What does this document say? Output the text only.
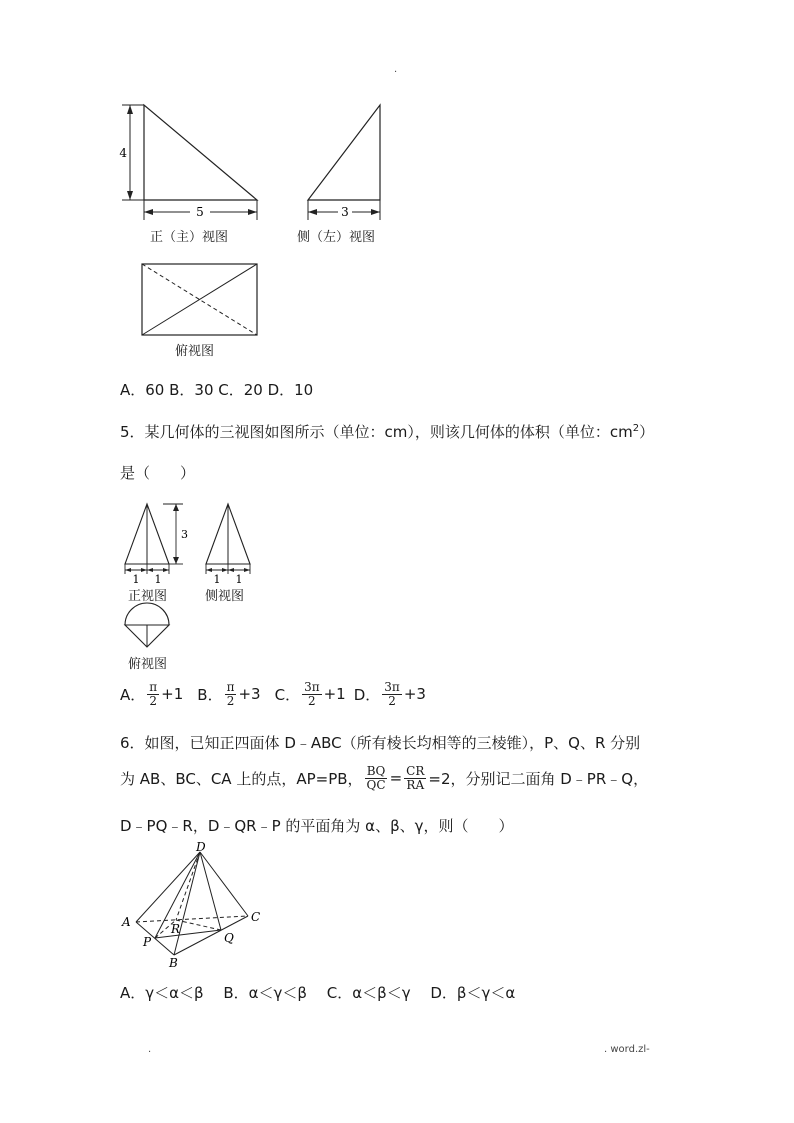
.
4
5	3
正（主）视图	侧（左）视图
俯视图
A．60 B．30 C．20 D．10
5．某几何体的三视图如图所示（单位：cm），则该几何体的体积（单位：$cm^2$）
是（　　）
3
1 1	1 1
正视图	侧视图
俯视图
A． $\frac{\pi}{2} +1$ B． $\frac{\pi}{2} +3$ C． $\frac{3\pi}{2} +1$ D． $\frac{3\pi}{2} +3$
6．如图，已知正四面体 D﹣ABC（所有棱长均相等的三棱锥），P、Q、R 分别
为 AB、BC、CA 上的点，AP=PB， $\frac{BQ}{QC} = \frac{CR}{RA} =2$，分别记二面角 D﹣PR﹣Q，
D﹣PQ﹣R，D﹣QR﹣P 的平面角为 α、β、γ，则（　　）
D
A
B
C
P	Q
R
A．γ＜α＜β　 B．α＜γ＜β　 C．α＜β＜γ　 D．β＜γ＜α
.	. word.zl-
